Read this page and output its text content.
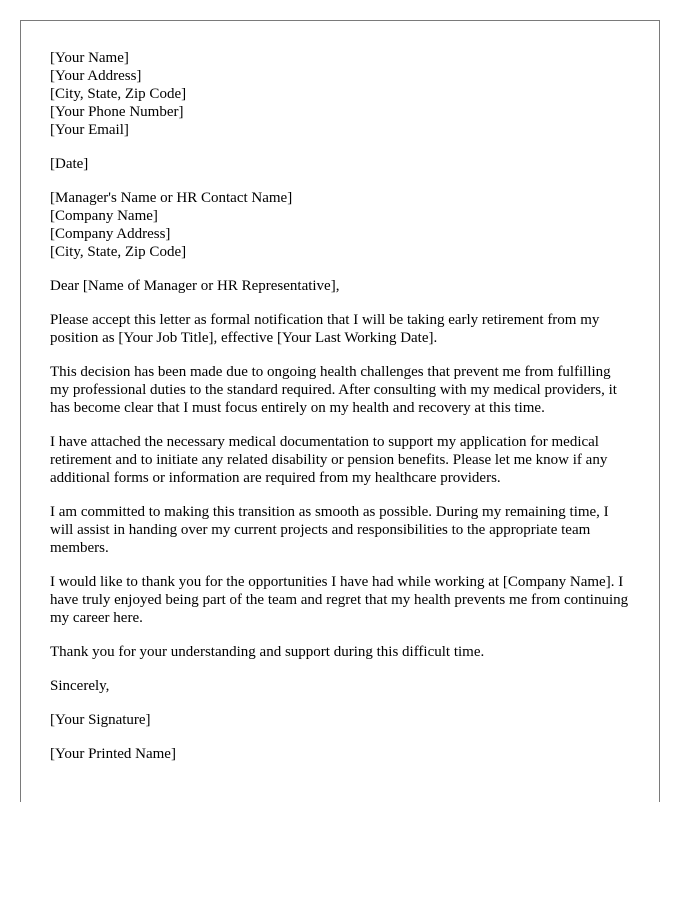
[Your Name]
[Your Address]
[City, State, Zip Code]
[Your Phone Number]
[Your Email]
[Date]
[Manager's Name or HR Contact Name]
[Company Name]
[Company Address]
[City, State, Zip Code]

Dear [Name of Manager or HR Representative],

Please accept this letter as formal notification that I will be taking early retirement from my position as [Your Job Title], effective [Your Last Working Date].

This decision has been made due to ongoing health challenges that prevent me from fulfilling my professional duties to the standard required. After consulting with my medical providers, it has become clear that I must focus entirely on my health and recovery at this time.

I have attached the necessary medical documentation to support my application for medical retirement and to initiate any related disability or pension benefits. Please let me know if any additional forms or information are required from my healthcare providers.

I am committed to making this transition as smooth as possible. During my remaining time, I will assist in handing over my current projects and responsibilities to the appropriate team members.

I would like to thank you for the opportunities I have had while working at [Company Name]. I have truly enjoyed being part of the team and regret that my health prevents me from continuing my career here.

Thank you for your understanding and support during this difficult time.

Sincerely,

[Your Signature]

[Your Printed Name]
